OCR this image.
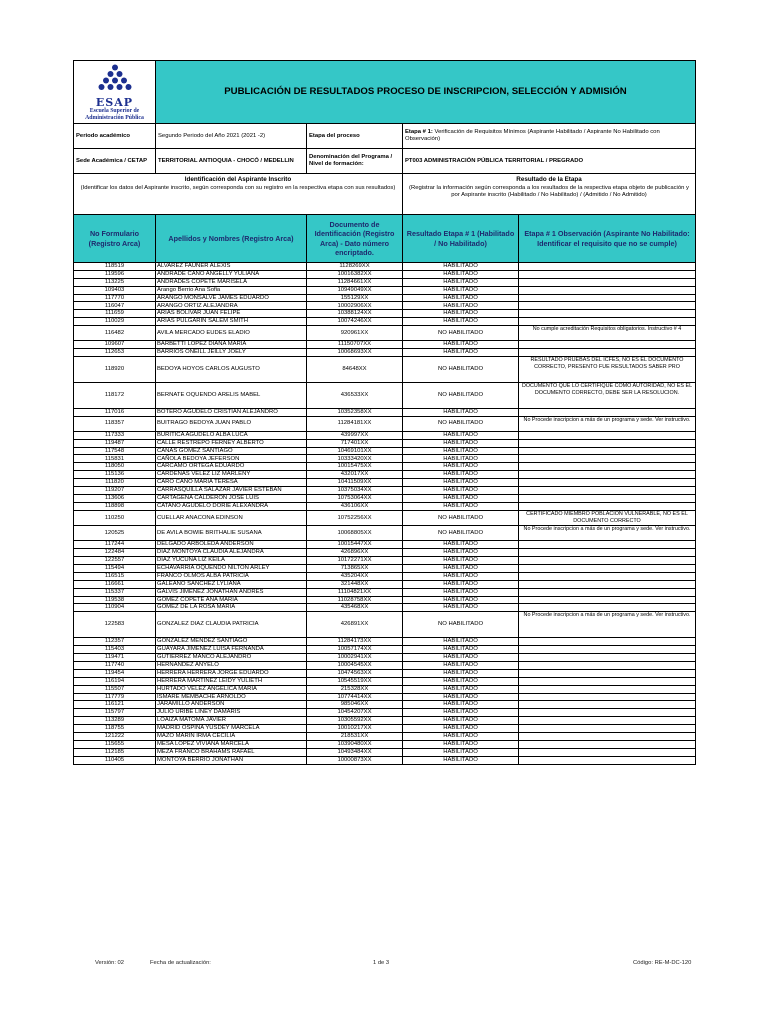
ESAP
Escuela Superior de
Administración Pública	PUBLICACIÓN DE RESULTADOS PROCESO DE INSCRIPCION, SELECCIÓN Y ADMISIÓN			

Periodo académico	Segundo Periodo del Año 2021 (2021 -2)	Etapa del proceso	Etapa # 1: Verificación de Requisitos Mínimos (Aspirante Habilitado / Aspirante No Habilitado con Observación)	
Sede Académica / CETAP	TERRITORIAL ANTIOQUIA - CHOCÓ / MEDELLIN	Denominación del Programa / Nivel de formación:	PT003 ADMINISTRACIÓN PÚBLICA TERRITORIAL / PREGRADO	

Identificación del Aspirante Inscrito
(Identificar los datos del Aspirante inscrito, según corresponda con su registro en la respectiva etapa con sus resultados)			Resultado de la Etapa
(Registrar la información según corresponda a los resultados de la respectiva etapa objeto de publicación y por Aspirante inscrito (Habilitado / No Habilitado) / (Admitido / No Admitido)	
No Formulario (Registro Arca)	Apellidos y Nombres (Registro Arca)	Documento de Identificación (Registro Arca) - Dato número encriptado.	Resultado Etapa # 1 (Habilitado / No Habilitado)	Etapa # 1 Observación (Aspirante No Habilitado: Identificar el requisito que no se cumple)
118519	ALVAREZ FAUNER ALEXIS	1128269XX	HABILITADO	
119596	ANDRADE CANO ANGELLY YULIANA	10016382XX	HABILITADO	
113225	ANDRADES COPETE MARISELA	11284661XX	HABILITADO	
109403	Arango Berrio Ana Sofia	10949049XX	HABILITADO	
117770	ARANGO MONSALVE JAMES EDUARDO	155129XX	HABILITADO	
116047	ARANGO ORTIZ ALEJANDRA	10002906XX	HABILITADO	
111659	ARIAS BOLIVAR JUAN FELIPE	10388124XX	HABILITADO	
110029	ARIAS PULGARIN SALEM SMITH	10074246XX	HABILITADO	
116482	AVILA MERCADO EUDES ELADIO	920961XX	NO HABILITADO	No cumple acreditación Requisitos obligatorios. Instructivo # 4
109607	BARBETTI LOPEZ DIANA MARIA	11150707XX	HABILITADO	
112653	BARRIOS ONEILL JEILLY JOELY	10068693XX	HABILITADO	
118920	BEDOYA HOYOS CARLOS AUGUSTO	84648XX	NO HABILITADO	RESULTADO PRUEBAS DEL ICFES, NO ES EL DOCUMENTO CORRECTO, PRESENTO FUE RESULTADOS SABER PRO
118172	BERNATE OQUENDO ARELIS MABEL	436533XX	NO HABILITADO	DOCUMENTO QUE LO CERTIFIQUE COMO AUTORIDAD, NO ES EL DOCUMENTO CORRECTO, DEBE SER LA RESOLUCION.
117016	BOTERO AGUDELO CRISTIAN ALEJANDRO	10352358XX	HABILITADO	
118357	BUITRAGO BEDOYA JUAN PABLO	11284181XX	NO HABILITADO	No Procede inscripcion a más de un programa y sede. Ver instructivo.
117333	BURITICA AGUDELO ALBA LUCA	439997XX	HABILITADO	
119487	CALLE RESTREPO FERNEY ALBERTO	717401XX	HABILITADO	
117548	CAÑAS GOMEZ SANTIAGO	10469101XX	HABILITADO	
115831	CAÑOLA BEDOYA JEFERSON	10333420XX	HABILITADO	
118050	CARCAMO ORTEGA EDUARDO	10015475XX	HABILITADO	
115136	CARDENAS VELEZ LIZ MARLENY	432017XX	HABILITADO	
111820	CARO CANO MARIA TERESA	10411509XX	HABILITADO	
119207	CARRASQUILLA SALAZAR JAVIER ESTEBAN	10375034XX	HABILITADO	
113606	CARTAGENA CALDERON JOSE LUIS	10753064XX	HABILITADO	
118898	CATAÑO AGUDELO DORIE ALEXANDRA	436106XX	HABILITADO	
110250	CUELLAR ANACONA EDINSON	10752256XX	NO HABILITADO	CERTIFICADO MIEMBRO POBLACIÓN VULNERABLE, NO ES EL DOCUMENTO CORRECTO
120525	DE AVILA BOWIE BRITHALIE SUSANA	10068805XX	NO HABILITADO	No Procede inscripcion a más de un programa y sede. Ver instructivo.
117244	DELGADO ARBOLEDA ANDERSON	10015447XX	HABILITADO	
122484	DIAZ MONTOYA CLAUDIA ALEJANDRA	426896XX	HABILITADO	
122557	DIAZ YUCUNA LIZ KEILA	10172271XX	HABILITADO	
115494	ECHAVARRIA OQUENDO NILTON ARLEY	713865XX	HABILITADO	
116515	FRANCO OLMOS ALBA PATRICIA	435204XX	HABILITADO	
116661	GALEANO SÁNCHEZ LYLIANA	321448XX	HABILITADO	
115337	GALVIS JIMENEZ JONATHAN ANDRES	11104821XX	HABILITADO	
119538	GOMEZ COPETE ANA MARIA	11028758XX	HABILITADO	
110904	GÓMEZ DE LA ROSA MARIA	435468XX	HABILITADO	
122583	GONZALEZ DIAZ CLAUDIA PATRICIA	426891XX	NO HABILITADO	No Procede inscripcion a más de un programa y sede. Ver instructivo.
112357	GONZALEZ MENDEZ SANTIAGO	11284173XX	HABILITADO	
115403	GUAYARA JIMENEZ LUISA FERNANDA	10057174XX	HABILITADO	
119471	GUTIERREZ MANCO ALEJANDRO	10002941XX	HABILITADO	
117740	HERNANDEZ ANYELO	10004545XX	HABILITADO	
119454	HERRERA HERRERA JORGE EDUARDO	10474563XX	HABILITADO	
116194	HERRERA MARTINEZ LEIDY YULIETH	10545519XX	HABILITADO	
115507	HURTADO VELEZ ANGELICA MARIA	215328XX	HABILITADO	
117779	ISMARE MEMBACHE ARNOLDO	10774414XX	HABILITADO	
116121	JARAMILLO ANDERSON	985046XX	HABILITADO	
115797	JULIO URIBE LINEY DAMARIS	10454207XX	HABILITADO	
113289	LOAIZA MATOMA JAVIER	10305592XX	HABILITADO	
118755	MADRID OSPINA YUSDEY MARCELA	10010217XX	HABILITADO	
121222	MAZO MARIN IRMA CECILIA	218531XX	HABILITADO	
115655	MESA LOPEZ VIVIANA MARCELA	10390480XX	HABILITADO	
112185	MEZA FRANCO BRAHAMS RAFAEL	10493484XX	HABILITADO	
110405	MONTOYA BERRIO JONATHAN	10000873XX	HABILITADO	
Versión: 02	Fecha de actualización:	1 de 3	Código: RE-M-DC-120
